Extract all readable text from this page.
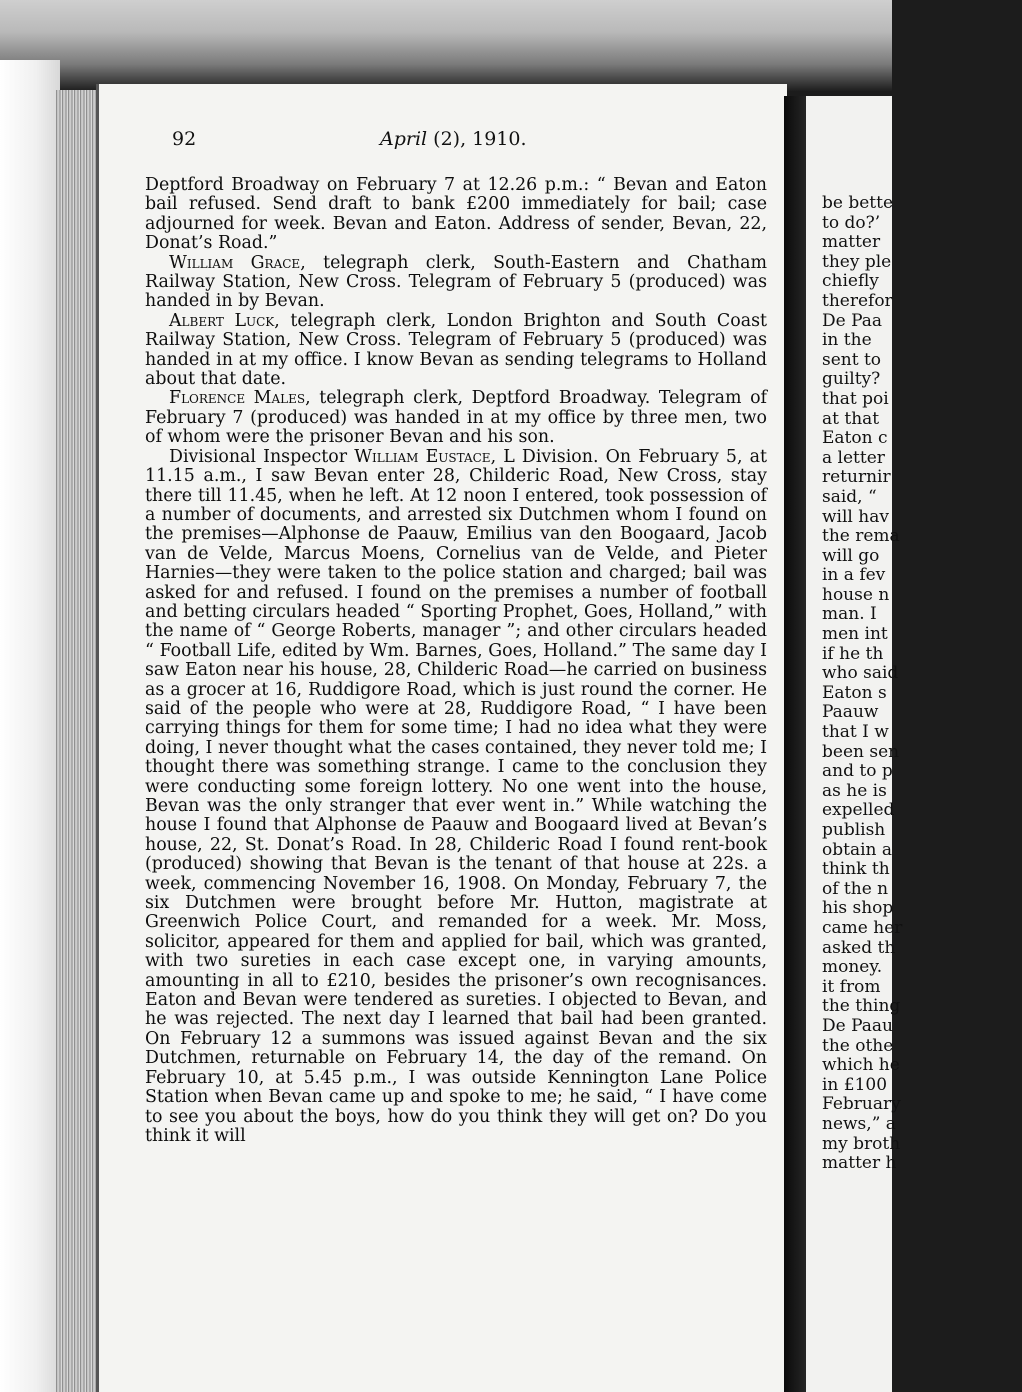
be bette
to do?’
matter
they ple
chiefly
therefor
De Paa
in the
sent to
guilty?
that poi
at that
Eaton c
a letter
returnir
said, “
will hav
the rema
will go
in a fev
house n
man. I
men int
if he th
who said
Eaton s
Paauw
that I w
been sen
and to p
as he is
expelled
publish
obtain a
think th
of the n
his shop
came her
asked th
money.
it from
the thing
De Paau
the othe
which he
in £100
February
news,” a
my broth
matter h
92	April (2), 1910.

Deptford Broadway on February 7 at 12.26 p.m.: “ Bevan and Eaton bail refused. Send draft to bank £200 immediately for bail; case adjourned for week. Bevan and Eaton. Address of sender, Bevan, 22, Donat’s Road.”

William Grace, telegraph clerk, South-Eastern and Chatham Railway Station, New Cross. Telegram of February 5 (produced) was handed in by Bevan.

Albert Luck, telegraph clerk, London Brighton and South Coast Railway Station, New Cross. Telegram of February 5 (produced) was handed in at my office. I know Bevan as sending telegrams to Holland about that date.

Florence Males, telegraph clerk, Deptford Broadway. Telegram of February 7 (produced) was handed in at my office by three men, two of whom were the prisoner Bevan and his son.

Divisional Inspector William Eustace, L Division. On February 5, at 11.15 a.m., I saw Bevan enter 28, Childeric Road, New Cross, stay there till 11.45, when he left. At 12 noon I entered, took possession of a number of documents, and arrested six Dutchmen whom I found on the premises—Alphonse de Paauw, Emilius van den Boogaard, Jacob van de Velde, Marcus Moens, Cornelius van de Velde, and Pieter Harnies—they were taken to the police station and charged; bail was asked for and refused. I found on the premises a number of football and betting circulars headed “ Sporting Prophet, Goes, Holland,” with the name of “ George Roberts, manager ”; and other circulars headed “ Football Life, edited by Wm. Barnes, Goes, Holland.” The same day I saw Eaton near his house, 28, Childeric Road—he carried on business as a grocer at 16, Ruddigore Road, which is just round the corner. He said of the people who were at 28, Ruddigore Road, “ I have been carrying things for them for some time; I had no idea what they were doing, I never thought what the cases contained, they never told me; I thought there was something strange. I came to the conclusion they were conducting some foreign lottery. No one went into the house, Bevan was the only stranger that ever went in.” While watching the house I found that Alphonse de Paauw and Boogaard lived at Bevan’s house, 22, St. Donat’s Road. In 28, Childeric Road I found rent-book (produced) showing that Bevan is the tenant of that house at 22s. a week, commencing November 16, 1908. On Monday, February 7, the six Dutchmen were brought before Mr. Hutton, magistrate at Greenwich Police Court, and remanded for a week. Mr. Moss, solicitor, appeared for them and applied for bail, which was granted, with two sureties in each case except one, in varying amounts, amounting in all to £210, besides the prisoner’s own recognisances. Eaton and Bevan were tendered as sureties. I objected to Bevan, and he was rejected. The next day I learned that bail had been granted. On February 12 a summons was issued against Bevan and the six Dutchmen, returnable on February 14, the day of the remand. On February 10, at 5.45 p.m., I was outside Kennington Lane Police Station when Bevan came up and spoke to me; he said, “ I have come to see you about the boys, how do you think they will get on? Do you think it will
